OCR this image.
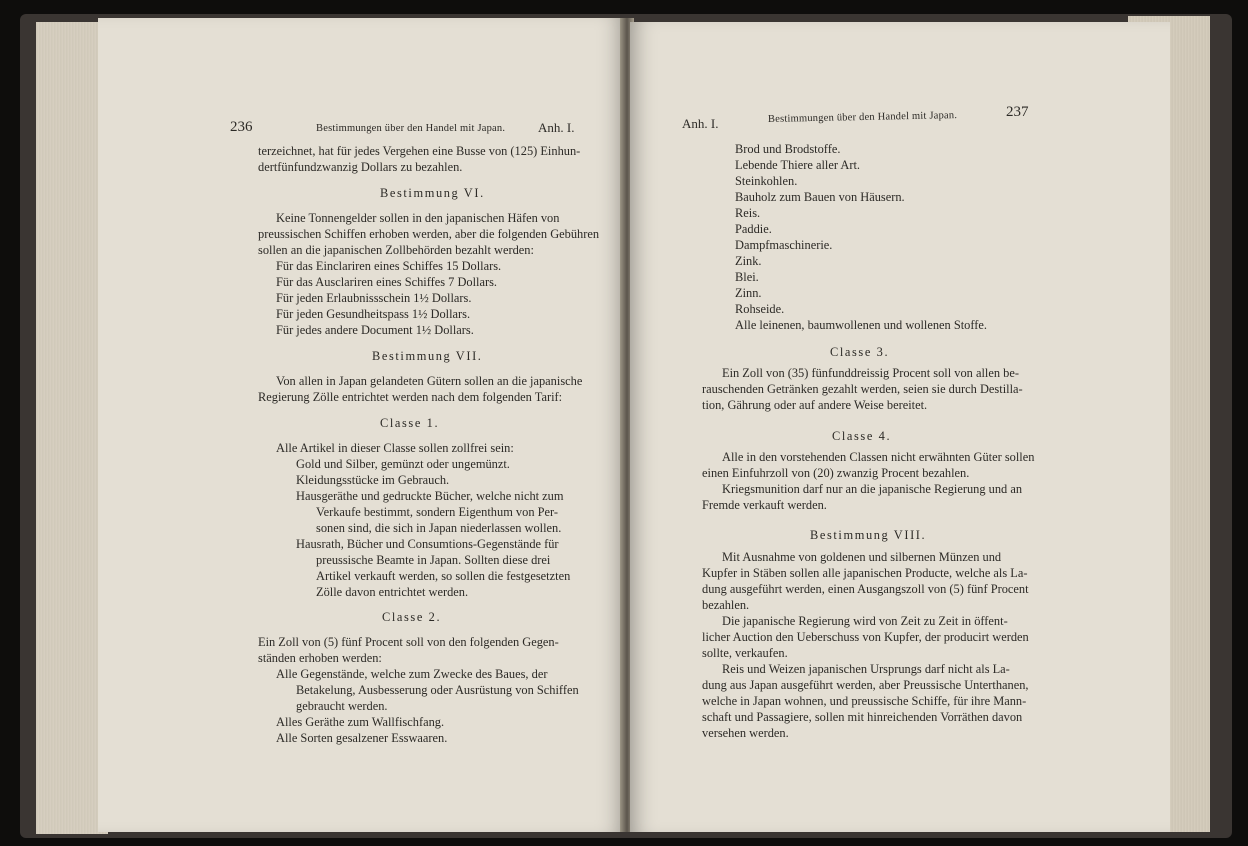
236	Bestimmungen über den Handel mit Japan.	Anh. I.
terzeichnet, hat für jedes Vergehen eine Busse von (125) Einhun-
dertfünfundzwanzig Dollars zu bezahlen.
Bestimmung VI.
Keine Tonnengelder sollen in den japanischen Häfen von
preussischen Schiffen erhoben werden, aber die folgenden Gebühren
sollen an die japanischen Zollbehörden bezahlt werden:
Für das Einclariren eines Schiffes 15 Dollars.
Für das Ausclariren eines Schiffes 7 Dollars.
Für jeden Erlaubnissschein 1½ Dollars.
Für jeden Gesundheitspass 1½ Dollars.
Für jedes andere Document 1½ Dollars.
Bestimmung VII.
Von allen in Japan gelandeten Gütern sollen an die japanische
Regierung Zölle entrichtet werden nach dem folgenden Tarif:
Classe 1.
Alle Artikel in dieser Classe sollen zollfrei sein:
Gold und Silber, gemünzt oder ungemünzt.
Kleidungsstücke im Gebrauch.
Hausgeräthe und gedruckte Bücher, welche nicht zum
Verkaufe bestimmt, sondern Eigenthum von Per-
sonen sind, die sich in Japan niederlassen wollen.
Hausrath, Bücher und Consumtions-Gegenstände für
preussische Beamte in Japan. Sollten diese drei
Artikel verkauft werden, so sollen die festgesetzten
Zölle davon entrichtet werden.
Classe 2.
Ein Zoll von (5) fünf Procent soll von den folgenden Gegen-
ständen erhoben werden:
Alle Gegenstände, welche zum Zwecke des Baues, der
Betakelung, Ausbesserung oder Ausrüstung von Schiffen
gebraucht werden.
Alles Geräthe zum Wallfischfang.
Alle Sorten gesalzener Esswaaren.
Anh. I.	Bestimmungen über den Handel mit Japan.	237
Brod und Brodstoffe.
Lebende Thiere aller Art.
Steinkohlen.
Bauholz zum Bauen von Häusern.
Reis.
Paddie.
Dampfmaschinerie.
Zink.
Blei.
Zinn.
Rohseide.
Alle leinenen, baumwollenen und wollenen Stoffe.
Classe 3.
Ein Zoll von (35) fünfunddreissig Procent soll von allen be-
rauschenden Getränken gezahlt werden, seien sie durch Destilla-
tion, Gährung oder auf andere Weise bereitet.
Classe 4.
Alle in den vorstehenden Classen nicht erwähnten Güter sollen
einen Einfuhrzoll von (20) zwanzig Procent bezahlen.
Kriegsmunition darf nur an die japanische Regierung und an
Fremde verkauft werden.
Bestimmung VIII.
Mit Ausnahme von goldenen und silbernen Münzen und
Kupfer in Stäben sollen alle japanischen Producte, welche als La-
dung ausgeführt werden, einen Ausgangszoll von (5) fünf Procent
bezahlen.
Die japanische Regierung wird von Zeit zu Zeit in öffent-
licher Auction den Ueberschuss von Kupfer, der producirt werden
sollte, verkaufen.
Reis und Weizen japanischen Ursprungs darf nicht als La-
dung aus Japan ausgeführt werden, aber Preussische Unterthanen,
welche in Japan wohnen, und preussische Schiffe, für ihre Mann-
schaft und Passagiere, sollen mit hinreichenden Vorräthen davon
versehen werden.
